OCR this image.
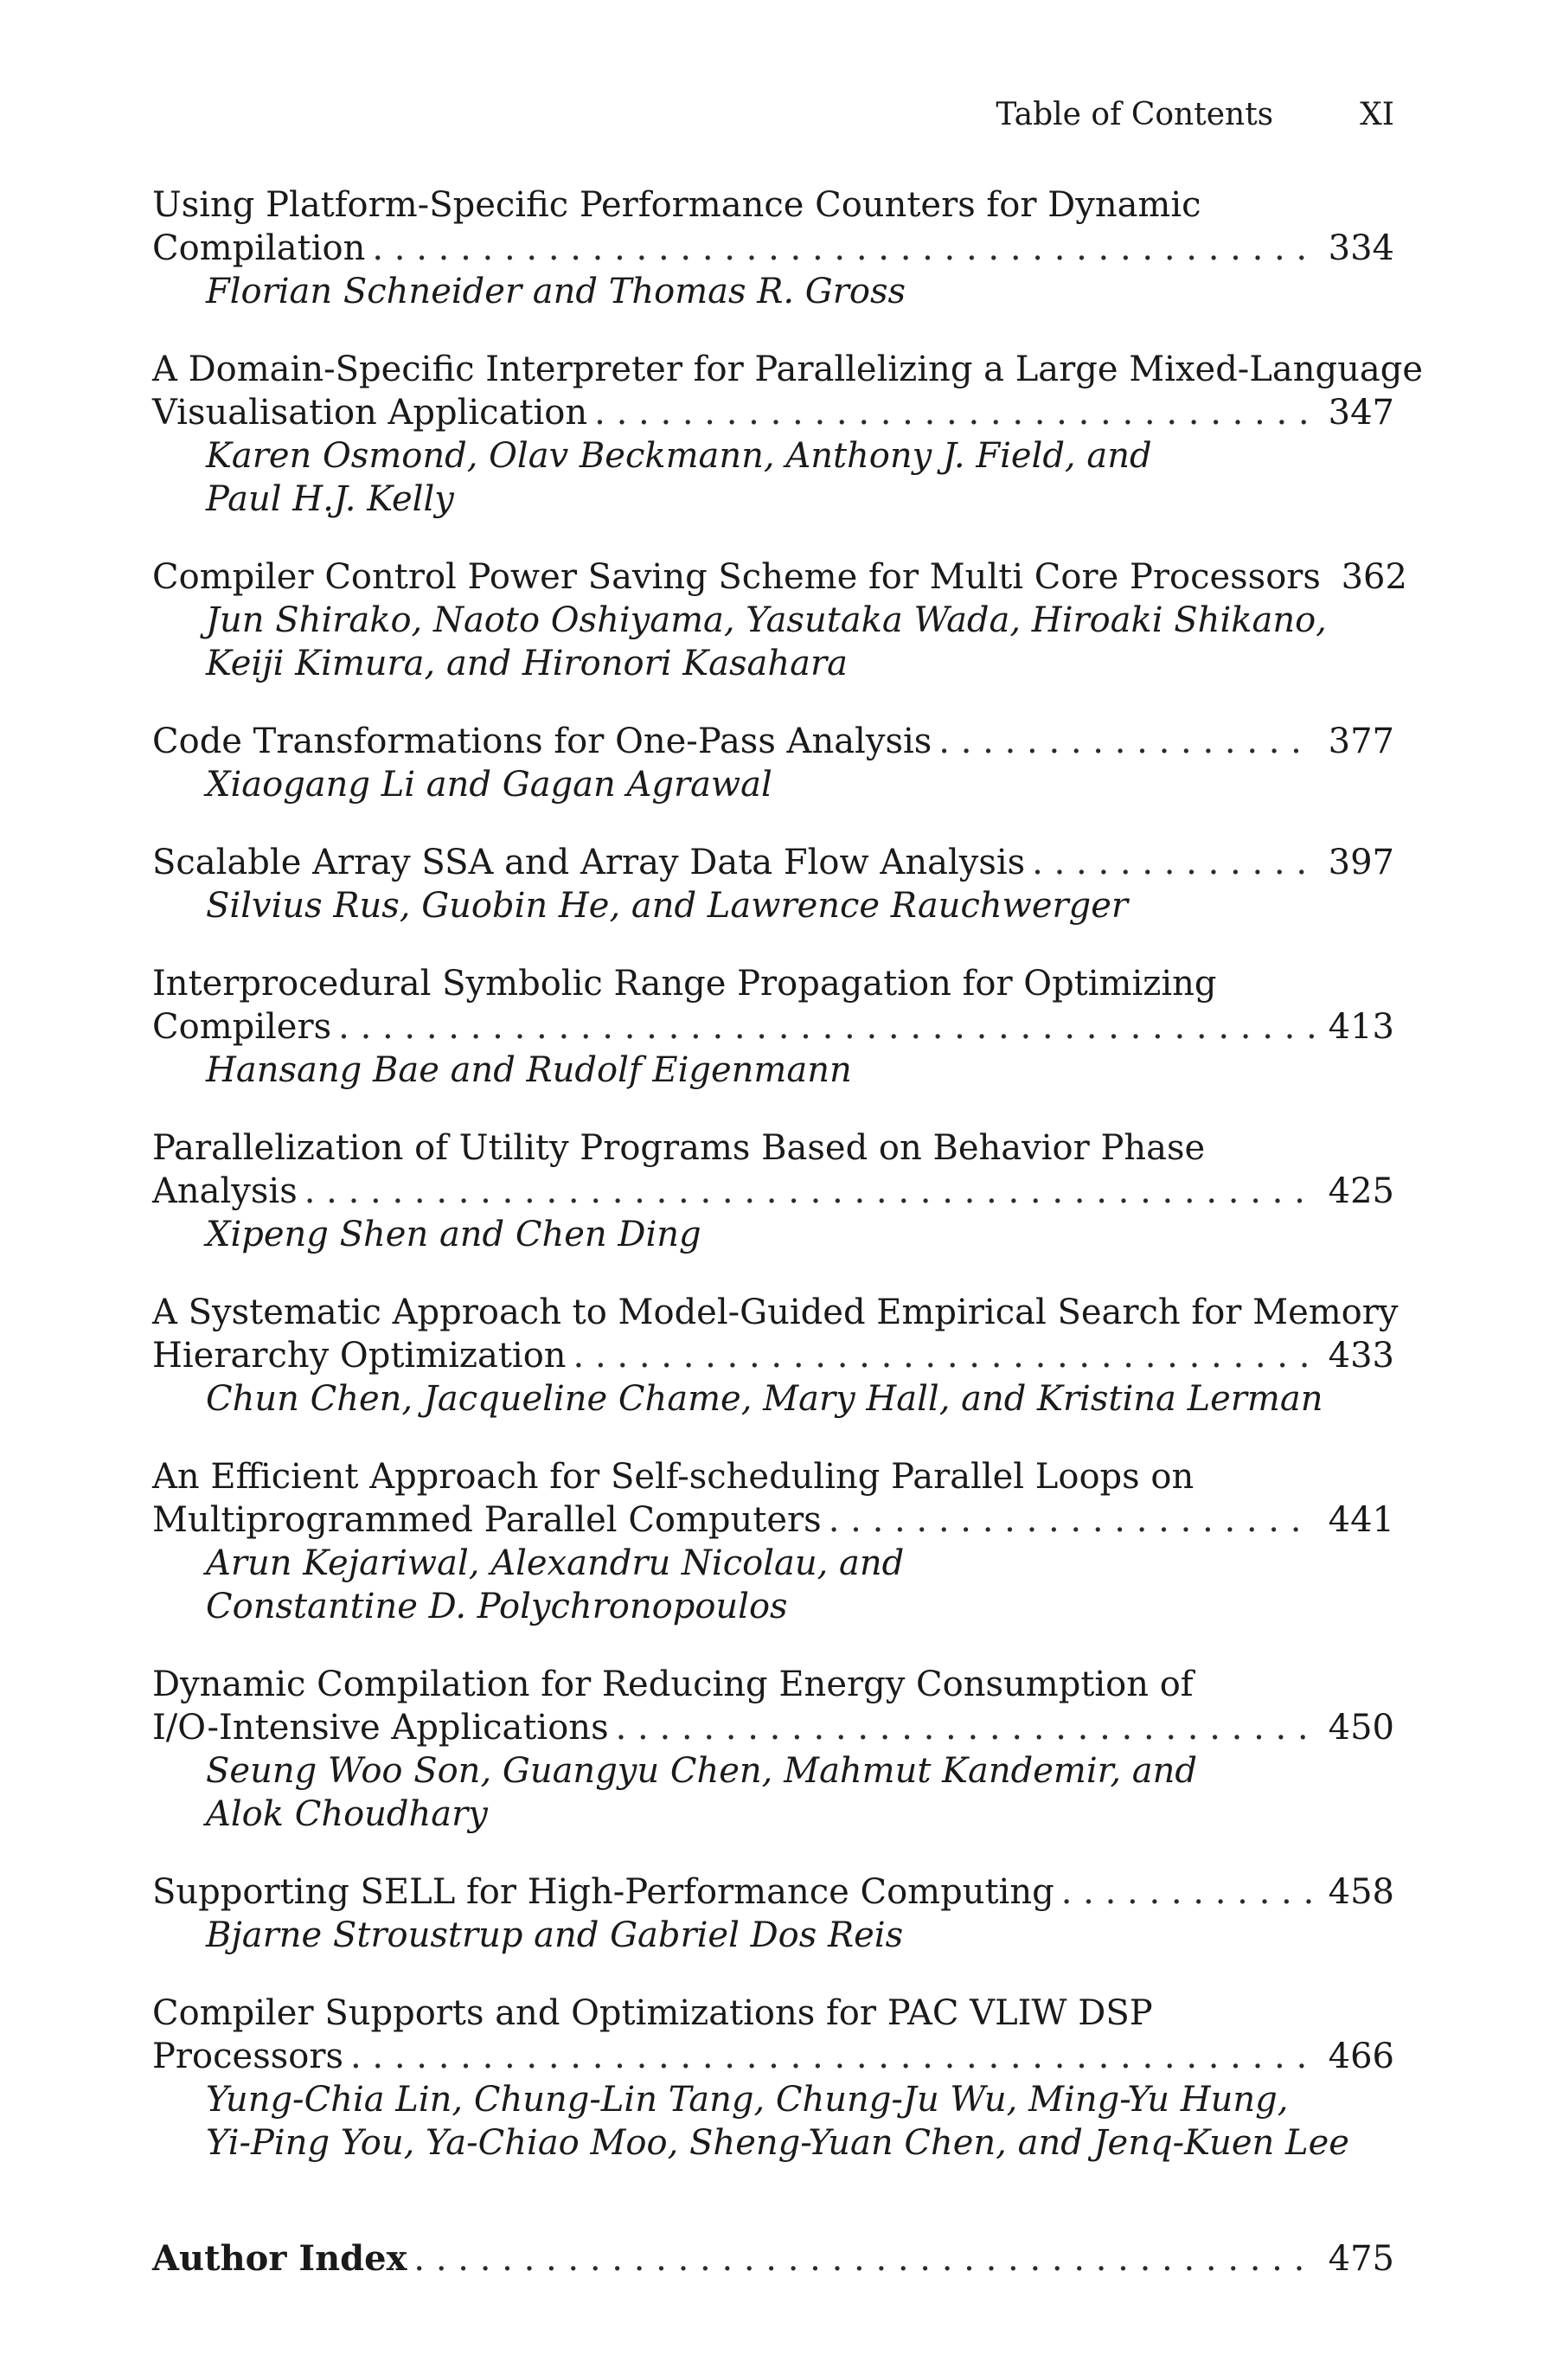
Table of Contents	XI
Using Platform-Specific Performance Counters for Dynamic
Compilation . . .	334
Florian Schneider and Thomas R. Gross
A Domain-Specific Interpreter for Parallelizing a Large Mixed-Language
Visualisation Application . . .	347
Karen Osmond, Olav Beckmann, Anthony J. Field, and
Paul H.J. Kelly
Compiler Control Power Saving Scheme for Multi Core Processors 362
Jun Shirako, Naoto Oshiyama, Yasutaka Wada, Hiroaki Shikano,
Keiji Kimura, and Hironori Kasahara
Code Transformations for One-Pass Analysis . . .	377
Xiaogang Li and Gagan Agrawal
Scalable Array SSA and Array Data Flow Analysis . . .	397
Silvius Rus, Guobin He, and Lawrence Rauchwerger
Interprocedural Symbolic Range Propagation for Optimizing
Compilers . . .	413
Hansang Bae and Rudolf Eigenmann
Parallelization of Utility Programs Based on Behavior Phase
Analysis . . .	425
Xipeng Shen and Chen Ding
A Systematic Approach to Model-Guided Empirical Search for Memory
Hierarchy Optimization . . .	433
Chun Chen, Jacqueline Chame, Mary Hall, and Kristina Lerman
An Efficient Approach for Self-scheduling Parallel Loops on
Multiprogrammed Parallel Computers . . .	441
Arun Kejariwal, Alexandru Nicolau, and
Constantine D. Polychronopoulos
Dynamic Compilation for Reducing Energy Consumption of
I/O-Intensive Applications . . .	450
Seung Woo Son, Guangyu Chen, Mahmut Kandemir, and
Alok Choudhary
Supporting SELL for High-Performance Computing . . .	458
Bjarne Stroustrup and Gabriel Dos Reis
Compiler Supports and Optimizations for PAC VLIW DSP
Processors . . .	466
Yung-Chia Lin, Chung-Lin Tang, Chung-Ju Wu, Ming-Yu Hung,
Yi-Ping You, Ya-Chiao Moo, Sheng-Yuan Chen, and Jenq-Kuen Lee
Author Index . . .	475
